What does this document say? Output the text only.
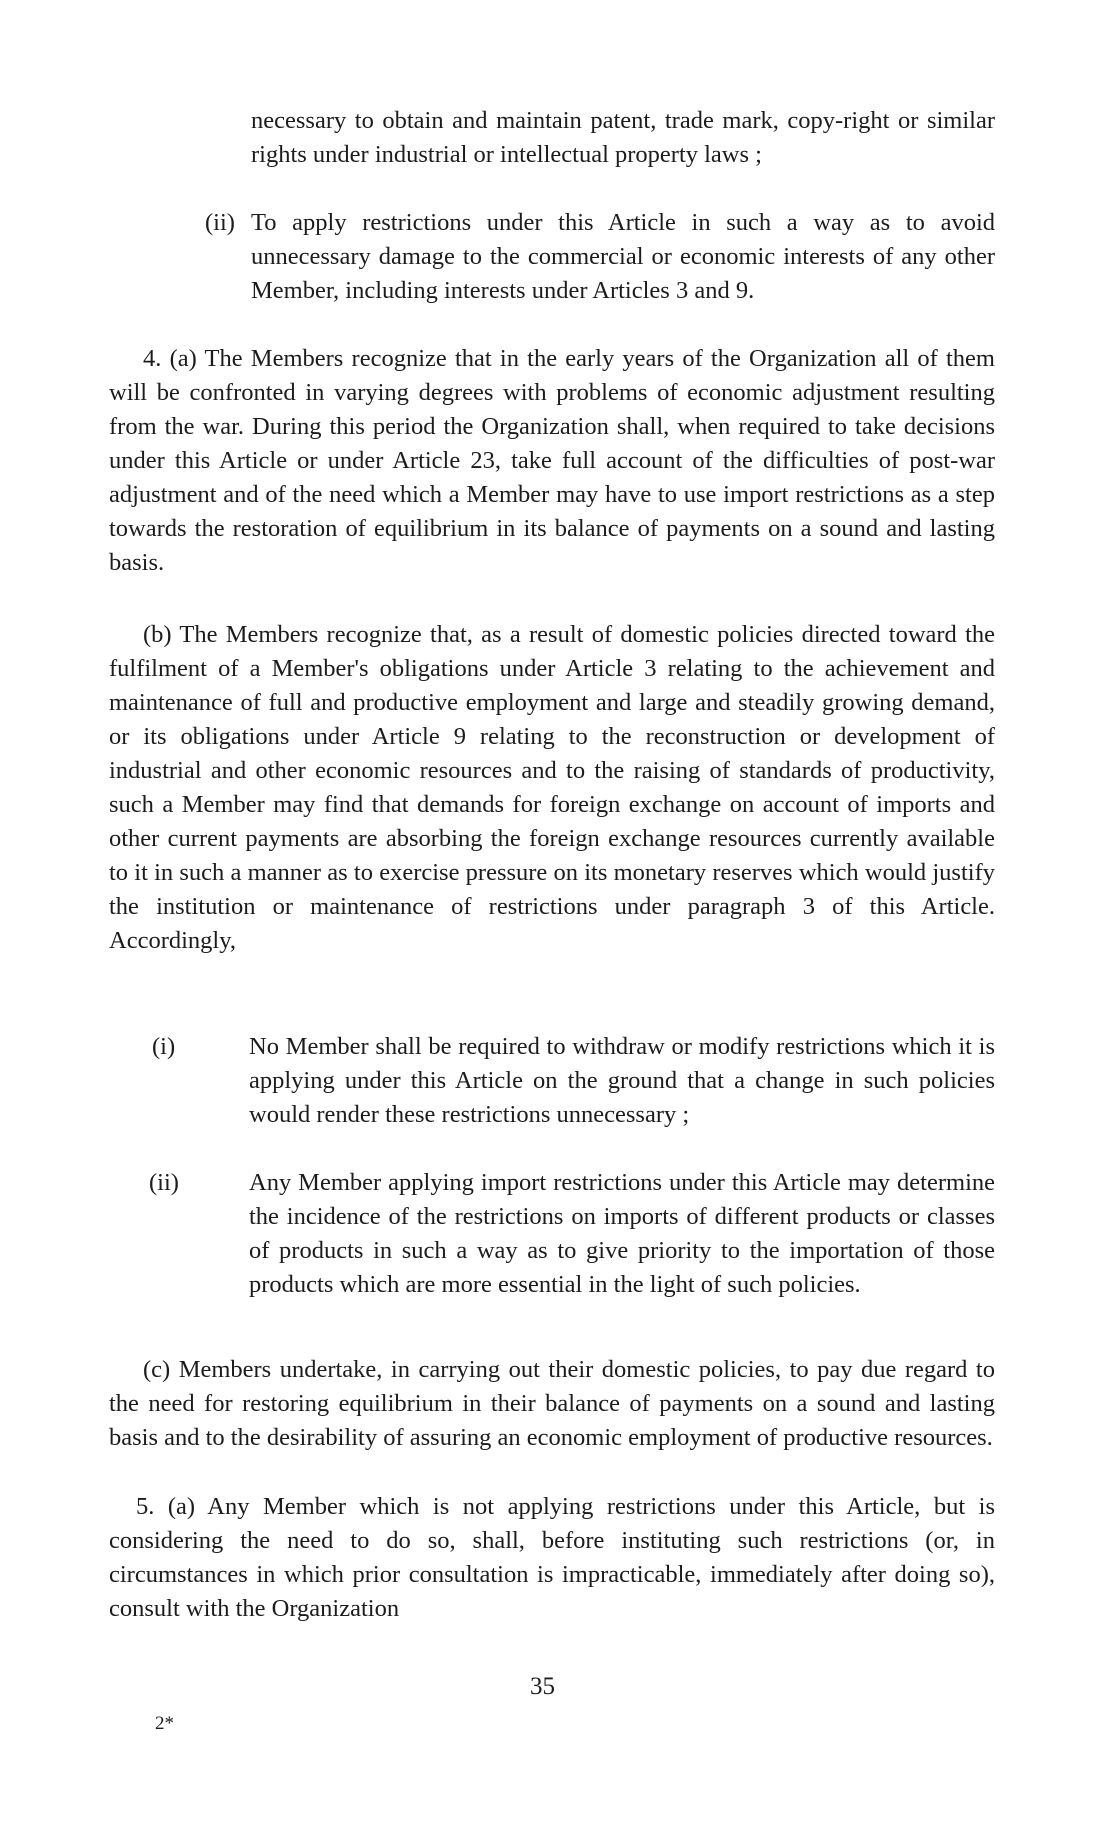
necessary to obtain and maintain patent, trade mark, copy-right or similar rights under industrial or intellectual property laws ;

(ii) To apply restrictions under this Article in such a way as to avoid unnecessary damage to the commercial or economic interests of any other Member, including interests under Articles 3 and 9.

4. (a) The Members recognize that in the early years of the Organization all of them will be confronted in varying degrees with problems of economic adjustment resulting from the war. During this period the Organization shall, when required to take decisions under this Article or under Article 23, take full account of the difficulties of post-war adjustment and of the need which a Member may have to use import restrictions as a step towards the restoration of equilibrium in its balance of payments on a sound and lasting basis.

(b) The Members recognize that, as a result of domestic policies directed toward the fulfilment of a Member's obligations under Article 3 relating to the achievement and maintenance of full and productive employment and large and steadily growing demand, or its obligations under Article 9 relating to the reconstruction or development of industrial and other economic resources and to the raising of standards of productivity, such a Member may find that demands for foreign exchange on account of imports and other current payments are absorbing the foreign exchange resources currently available to it in such a manner as to exercise pressure on its monetary reserves which would justify the institution or maintenance of restrictions under paragraph 3 of this Article. Accordingly,

(i)	No Member shall be required to withdraw or modify restrictions which it is applying under this Article on the ground that a change in such policies would render these restrictions unnecessary ;

(ii)	Any Member applying import restrictions under this Article may determine the incidence of the restrictions on imports of different products or classes of products in such a way as to give priority to the importation of those products which are more essential in the light of such policies.

(c) Members undertake, in carrying out their domestic policies, to pay due regard to the need for restoring equilibrium in their balance of payments on a sound and lasting basis and to the desirability of assuring an economic employment of productive resources.

5. (a) Any Member which is not applying restrictions under this Article, but is considering the need to do so, shall, before instituting such restrictions (or, in circumstances in which prior consultation is impracticable, immediately after doing so), consult with the Organization

35
2*
